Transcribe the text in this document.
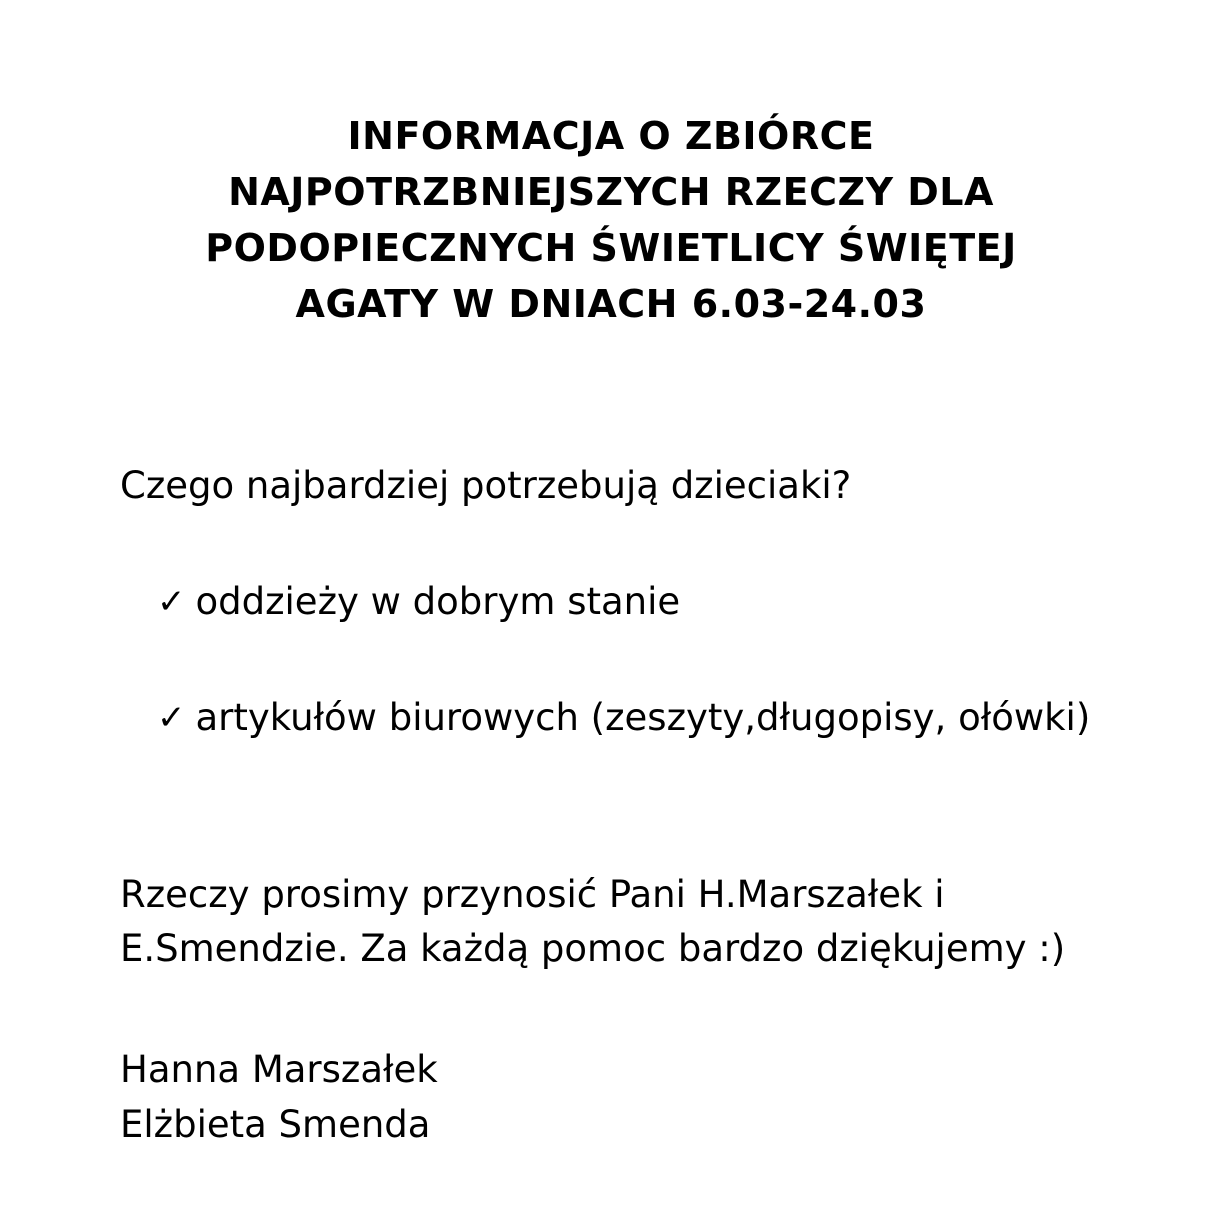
INFORMACJA O ZBIÓRCE
NAJPOTRZBNIEJSZYCH RZECZY DLA
PODOPIECZNYCH ŚWIETLICY ŚWIĘTEJ
AGATY W DNIACH 6.03-24.03
Czego najbardziej potrzebują dzieciaki?
✓ oddzieży w dobrym stanie
✓ artykułów biurowych (zeszyty,długopisy, ołówki)
Rzeczy prosimy przynosić Pani H.Marszałek i
E.Smendzie. Za każdą pomoc bardzo dziękujemy :)
Hanna Marszałek
Elżbieta Smenda
